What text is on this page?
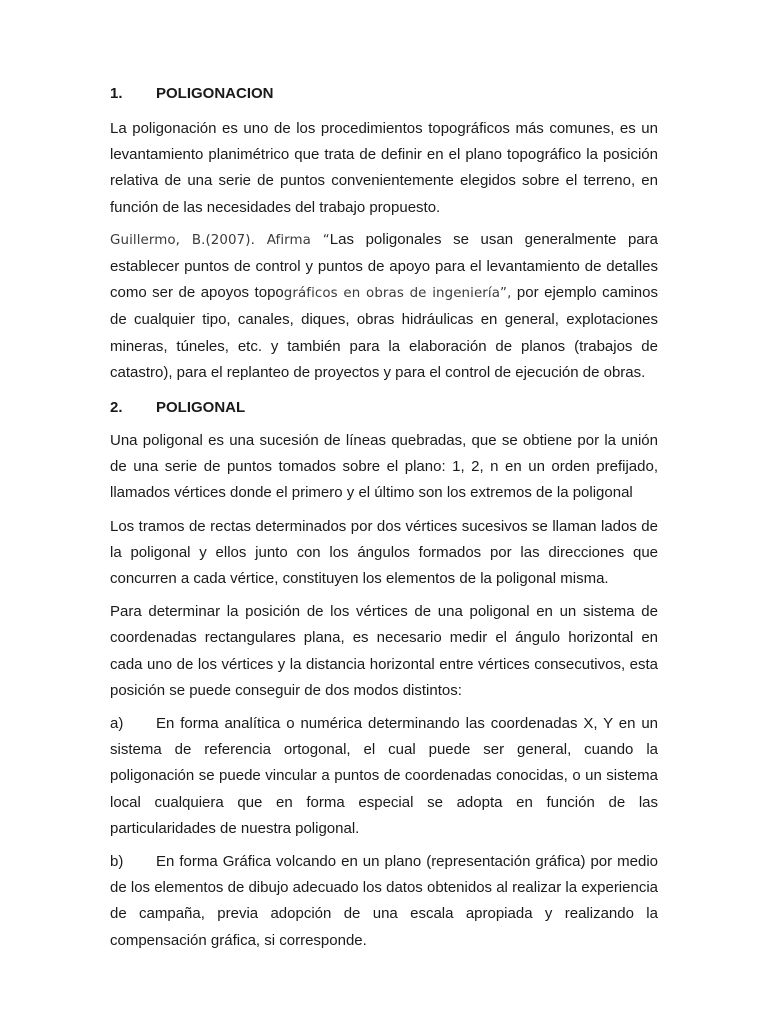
1.	POLIGONACION

La poligonación es uno de los procedimientos topográficos más comunes, es un levantamiento planimétrico que trata de definir en el plano topográfico la posición relativa de una serie de puntos convenientemente elegidos sobre el terreno, en función de las necesidades del trabajo propuesto.

Guillermo, B.(2007). Afirma “Las poligonales se usan generalmente para establecer puntos de control y puntos de apoyo para el levantamiento de detalles como ser de apoyos topográficos en obras de ingeniería”, por ejemplo caminos de cualquier tipo, canales, diques, obras hidráulicas en general, explotaciones mineras, túneles, etc. y también para la elaboración de planos (trabajos de catastro), para el replanteo de proyectos y para el control de ejecución de obras.

2.	POLIGONAL

Una poligonal es una sucesión de líneas quebradas, que se obtiene por la unión de una serie de puntos tomados sobre el plano: 1, 2, n en un orden prefijado, llamados vértices donde el primero y el último son los extremos de la poligonal

Los tramos de rectas determinados por dos vértices sucesivos se llaman lados de la poligonal y ellos junto con los ángulos formados por las direcciones que concurren a cada vértice, constituyen los elementos de la poligonal misma.

Para determinar la posición de los vértices de una poligonal en un sistema de coordenadas rectangulares plana, es necesario medir el ángulo horizontal en cada uno de los vértices y la distancia horizontal entre vértices consecutivos, esta posición se puede conseguir de dos modos distintos:

a) En forma analítica o numérica determinando las coordenadas X, Y en un sistema de referencia ortogonal, el cual puede ser general, cuando la poligonación se puede vincular a puntos de coordenadas conocidas, o un sistema local cualquiera que en forma especial se adopta en función de las particularidades de nuestra poligonal.

b) En forma Gráfica volcando en un plano (representación gráfica) por medio de los elementos de dibujo adecuado los datos obtenidos al realizar la experiencia de campaña, previa adopción de una escala apropiada y realizando la compensación gráfica, si corresponde.
